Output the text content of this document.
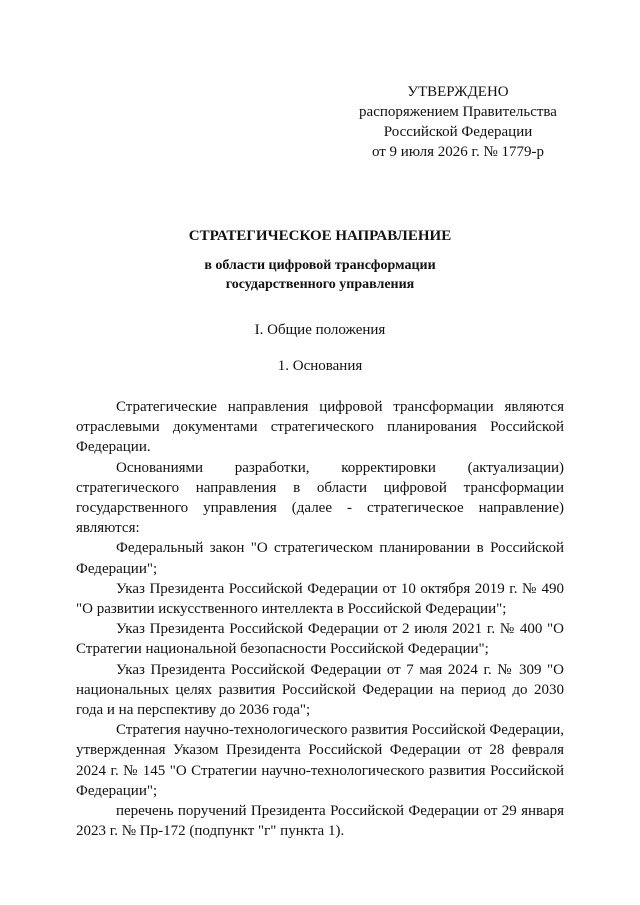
УТВЕРЖДЕНО
распоряжением Правительства
Российской Федерации
от 9 июля 2026 г. № 1779-р
СТРАТЕГИЧЕСКОЕ НАПРАВЛЕНИЕ
в области цифровой трансформации
государственного управления
I. Общие положения
1. Основания

Стратегические направления цифровой трансформации являются отраслевыми документами стратегического планирования Российской Федерации.

Основаниями разработки, корректировки (актуализации) стратегического направления в области цифровой трансформации государственного управления (далее - стратегическое направление) являются:

Федеральный закон "О стратегическом планировании в Российской Федерации";

Указ Президента Российской Федерации от 10 октября 2019 г. № 490 "О развитии искусственного интеллекта в Российской Федерации";

Указ Президента Российской Федерации от 2 июля 2021 г. № 400 "О Стратегии национальной безопасности Российской Федерации";

Указ Президента Российской Федерации от 7 мая 2024 г. № 309 "О национальных целях развития Российской Федерации на период до 2030 года и на перспективу до 2036 года";

Стратегия научно-технологического развития Российской Федерации, утвержденная Указом Президента Российской Федерации от 28 февраля 2024 г. № 145 "О Стратегии научно-технологического развития Российской Федерации";

перечень поручений Президента Российской Федерации от 29 января 2023 г. № Пр-172 (подпункт "г" пункта 1).
